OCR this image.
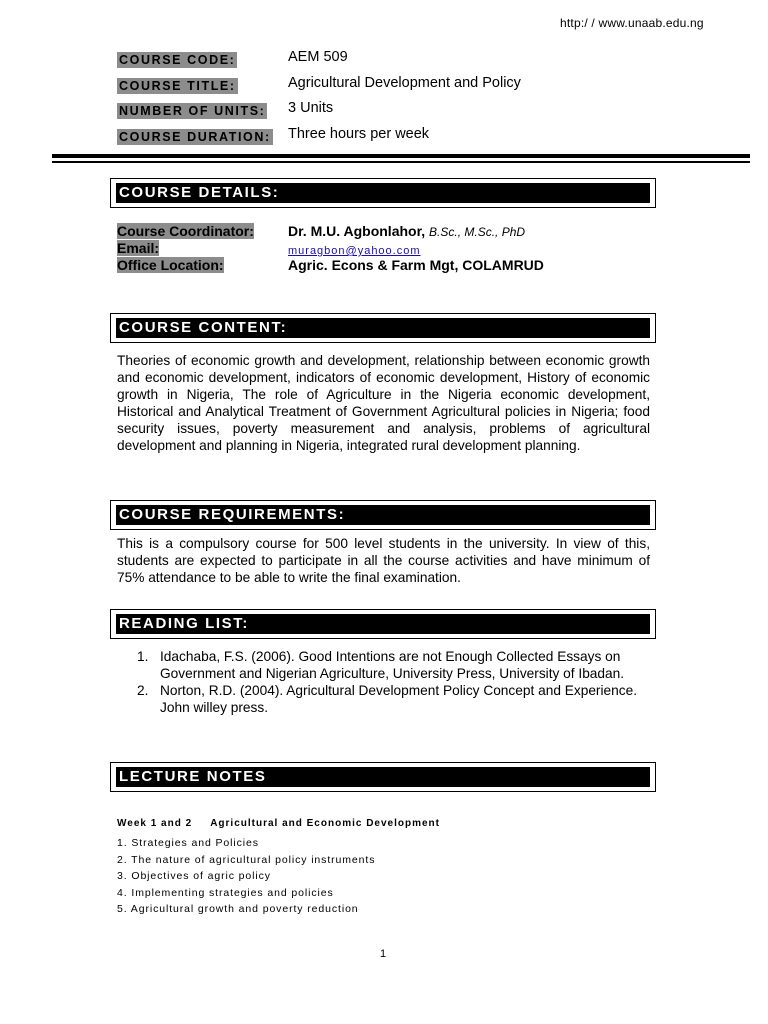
http:/ / www.unaab.edu.ng
COURSE CODE:	AEM 509
COURSE TITLE:	Agricultural Development and Policy
NUMBER OF UNITS: 3 Units
COURSE DURATION: Three hours per week
COURSE DETAILS:
Course Coordinator: Dr. M.U. Agbonlahor, B.Sc., M.Sc., PhD
Email:	muragbon@yahoo.com
Office Location:	Agric. Econs & Farm Mgt, COLAMRUD
COURSE CONTENT:
Theories of economic growth and development, relationship between economic growth and economic development, indicators of economic development, History of economic growth in Nigeria, The role of Agriculture in the Nigeria economic development, Historical and Analytical Treatment of Government Agricultural policies in Nigeria; food security issues, poverty measurement and analysis, problems of agricultural development and planning in Nigeria, integrated rural development planning.
COURSE REQUIREMENTS:
This is a compulsory course for 500 level students in the university. In view of this, students are expected to participate in all the course activities and have minimum of 75% attendance to be able to write the final examination.
READING LIST:
1. Idachaba, F.S. (2006). Good Intentions are not Enough Collected Essays on Government and Nigerian Agriculture, University Press, University of Ibadan.
2. Norton, R.D. (2004). Agricultural Development Policy Concept and Experience. John willey press.
LECTURE NOTES
Week 1 and 2 Agricultural and Economic Development
1. Strategies and Policies
2. The nature of agricultural policy instruments
3. Objectives of agric policy
4. Implementing strategies and policies
5. Agricultural growth and poverty reduction
1
